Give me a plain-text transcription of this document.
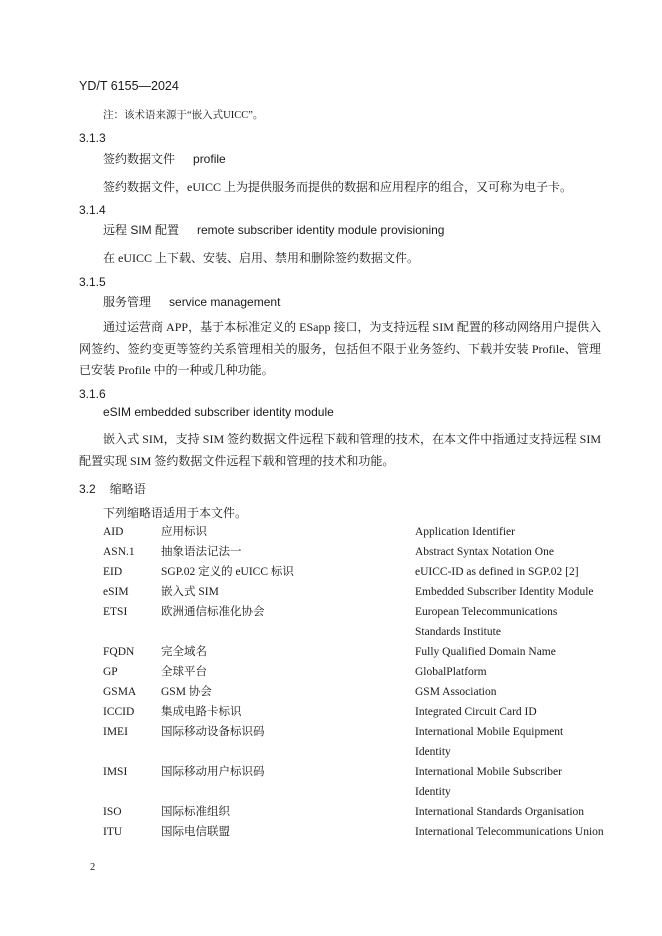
YD/T 6155—2024
注：该术语来源于“嵌入式UICC”。
3.1.3
签约数据文件 profile
签约数据文件，eUICC 上为提供服务而提供的数据和应用程序的组合，又可称为电子卡。
3.1.4
远程 SIM 配置 remote subscriber identity module provisioning
在 eUICC 上下载、安装、启用、禁用和删除签约数据文件。
3.1.5
服务管理 service management

通过运营商 APP，基于本标准定义的 ESapp 接口，为支持远程 SIM 配置的移动网络用户提供入网签约、签约变更等签约关系管理相关的服务，包括但不限于业务签约、下载并安装 Profile、管理已安装 Profile 中的一种或几种功能。

3.1.6
eSIM embedded subscriber identity module

嵌入式 SIM，支持 SIM 签约数据文件远程下载和管理的技术，在本文件中指通过支持远程 SIM 配置实现 SIM 签约数据文件远程下载和管理的技术和功能。

3.2 缩略语
下列缩略语适用于本文件。
AID	应用标识	Application Identifier
ASN.1 抽象语法记法一	Abstract Syntax Notation One
EID	SGP.02 定义的 eUICC 标识	eUICC-ID as defined in SGP.02 [2]
eSIM	嵌入式 SIM	Embedded Subscriber Identity Module
ETSI	欧洲通信标准化协会	European Telecommunications
Standards Institute
FQDN 完全域名	Fully Qualified Domain Name
GP	全球平台	GlobalPlatform
GSMA GSM 协会	GSM Association
ICCID 集成电路卡标识	Integrated Circuit Card ID
IMEI	国际移动设备标识码	International Mobile Equipment
Identity
IMSI	国际移动用户标识码	International Mobile Subscriber
Identity
ISO	国际标准组织	International Standards Organisation
ITU	国际电信联盟	International Telecommunications Union
2
